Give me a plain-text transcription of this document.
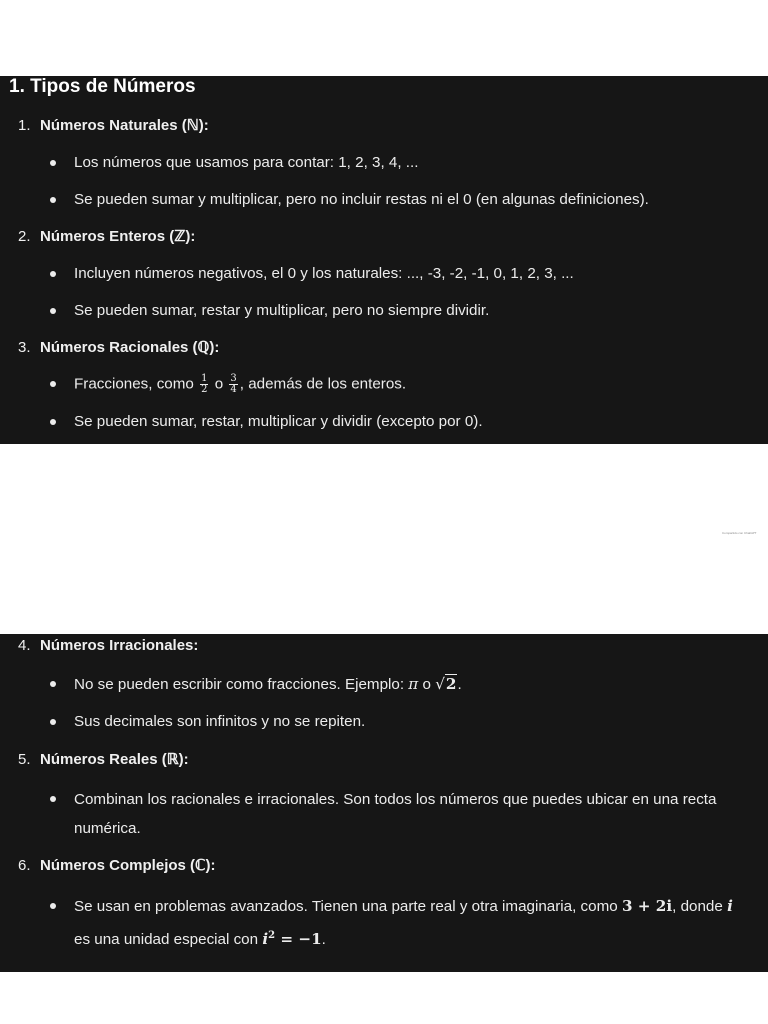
1. Tipos de Números
1. Números Naturales (ℕ):
Los números que usamos para contar: 1, 2, 3, 4, ...
Se pueden sumar y multiplicar, pero no incluir restas ni el 0 (en algunas definiciones).
2. Números Enteros (ℤ):
Incluyen números negativos, el 0 y los naturales: ..., -3, -2, -1, 0, 1, 2, 3, ...
Se pueden sumar, restar y multiplicar, pero no siempre dividir.
3. Números Racionales (ℚ):
Fracciones, como $\frac{1}{2}$ o $\frac{3}{4}$ , además de los enteros.
Se pueden sumar, restar, multiplicar y dividir (excepto por 0).
Compartido con ChatGPT
4. Números Irracionales:
No se pueden escribir como fracciones. Ejemplo: π o √2.
Sus decimales son infinitos y no se repiten.
5. Números Reales (ℝ):
Combinan los racionales e irracionales. Son todos los números que puedes ubicar en una recta numérica.
6. Números Complejos (ℂ):
Se usan en problemas avanzados. Tienen una parte real y otra imaginaria, como 3 + 2i, donde i es una unidad especial con $i^2 = -1$.
